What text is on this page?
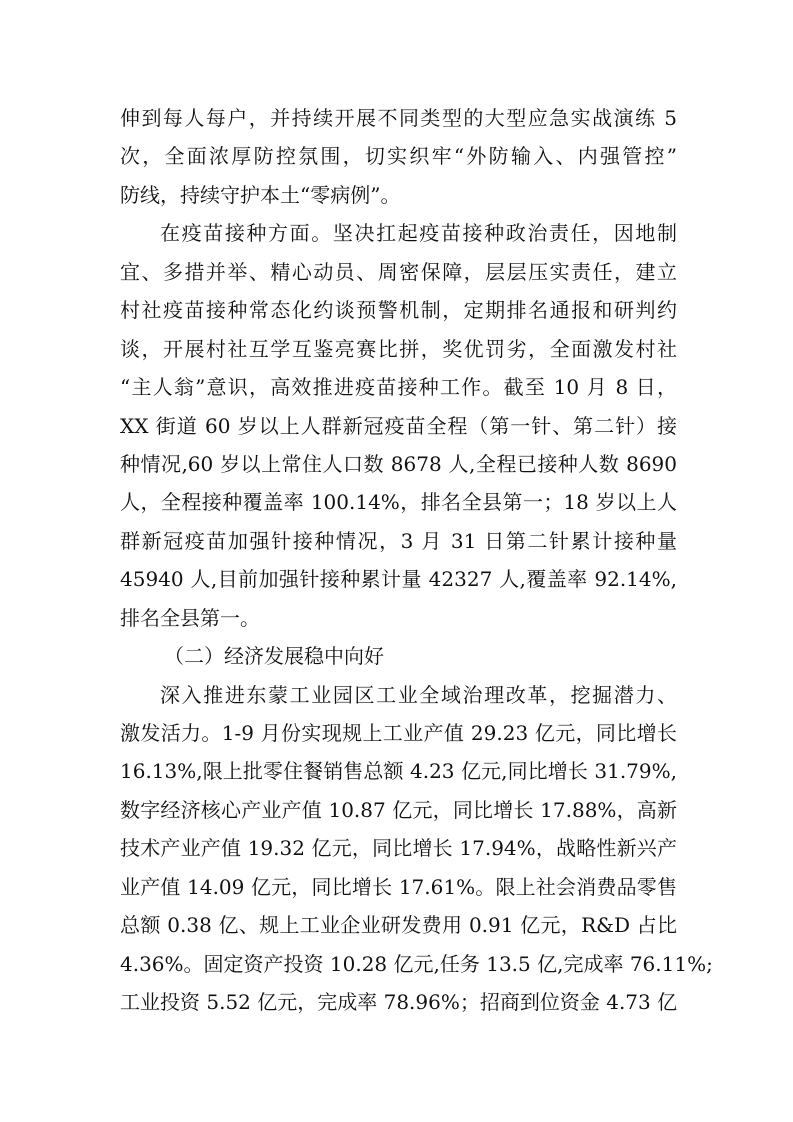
伸到每人每户，并持续开展不同类型的大型应急实战演练 5
次，全面浓厚防控氛围，切实织牢“外防输入、内强管控”
防线，持续守护本土“零病例”。
在疫苗接种方面。坚决扛起疫苗接种政治责任，因地制
宜、多措并举、精心动员、周密保障，层层压实责任，建立
村社疫苗接种常态化约谈预警机制，定期排名通报和研判约
谈，开展村社互学互鉴亮赛比拼，奖优罚劣，全面激发村社
“主人翁”意识，高效推进疫苗接种工作。截至 10 月 8 日，
XX 街道 60 岁以上人群新冠疫苗全程（第一针、第二针）接
种情况,60 岁以上常住人口数 8678 人,全程已接种人数 8690
人，全程接种覆盖率 100.14%，排名全县第一；18 岁以上人
群新冠疫苗加强针接种情况，3 月 31 日第二针累计接种量
45940 人,目前加强针接种累计量 42327 人,覆盖率 92.14%,
排名全县第一。
（二）经济发展稳中向好
深入推进东蒙工业园区工业全域治理改革，挖掘潜力、
激发活力。1-9 月份实现规上工业产值 29.23 亿元，同比增长
16.13%,限上批零住餐销售总额 4.23 亿元,同比增长 31.79%,
数字经济核心产业产值 10.87 亿元，同比增长 17.88%，高新
技术产业产值 19.32 亿元，同比增长 17.94%，战略性新兴产
业产值 14.09 亿元，同比增长 17.61%。限上社会消费品零售
总额 0.38 亿、规上工业企业研发费用 0.91 亿元，R&D 占比
4.36%。固定资产投资 10.28 亿元,任务 13.5 亿,完成率 76.11%;
工业投资 5.52 亿元，完成率 78.96%；招商到位资金 4.73 亿
